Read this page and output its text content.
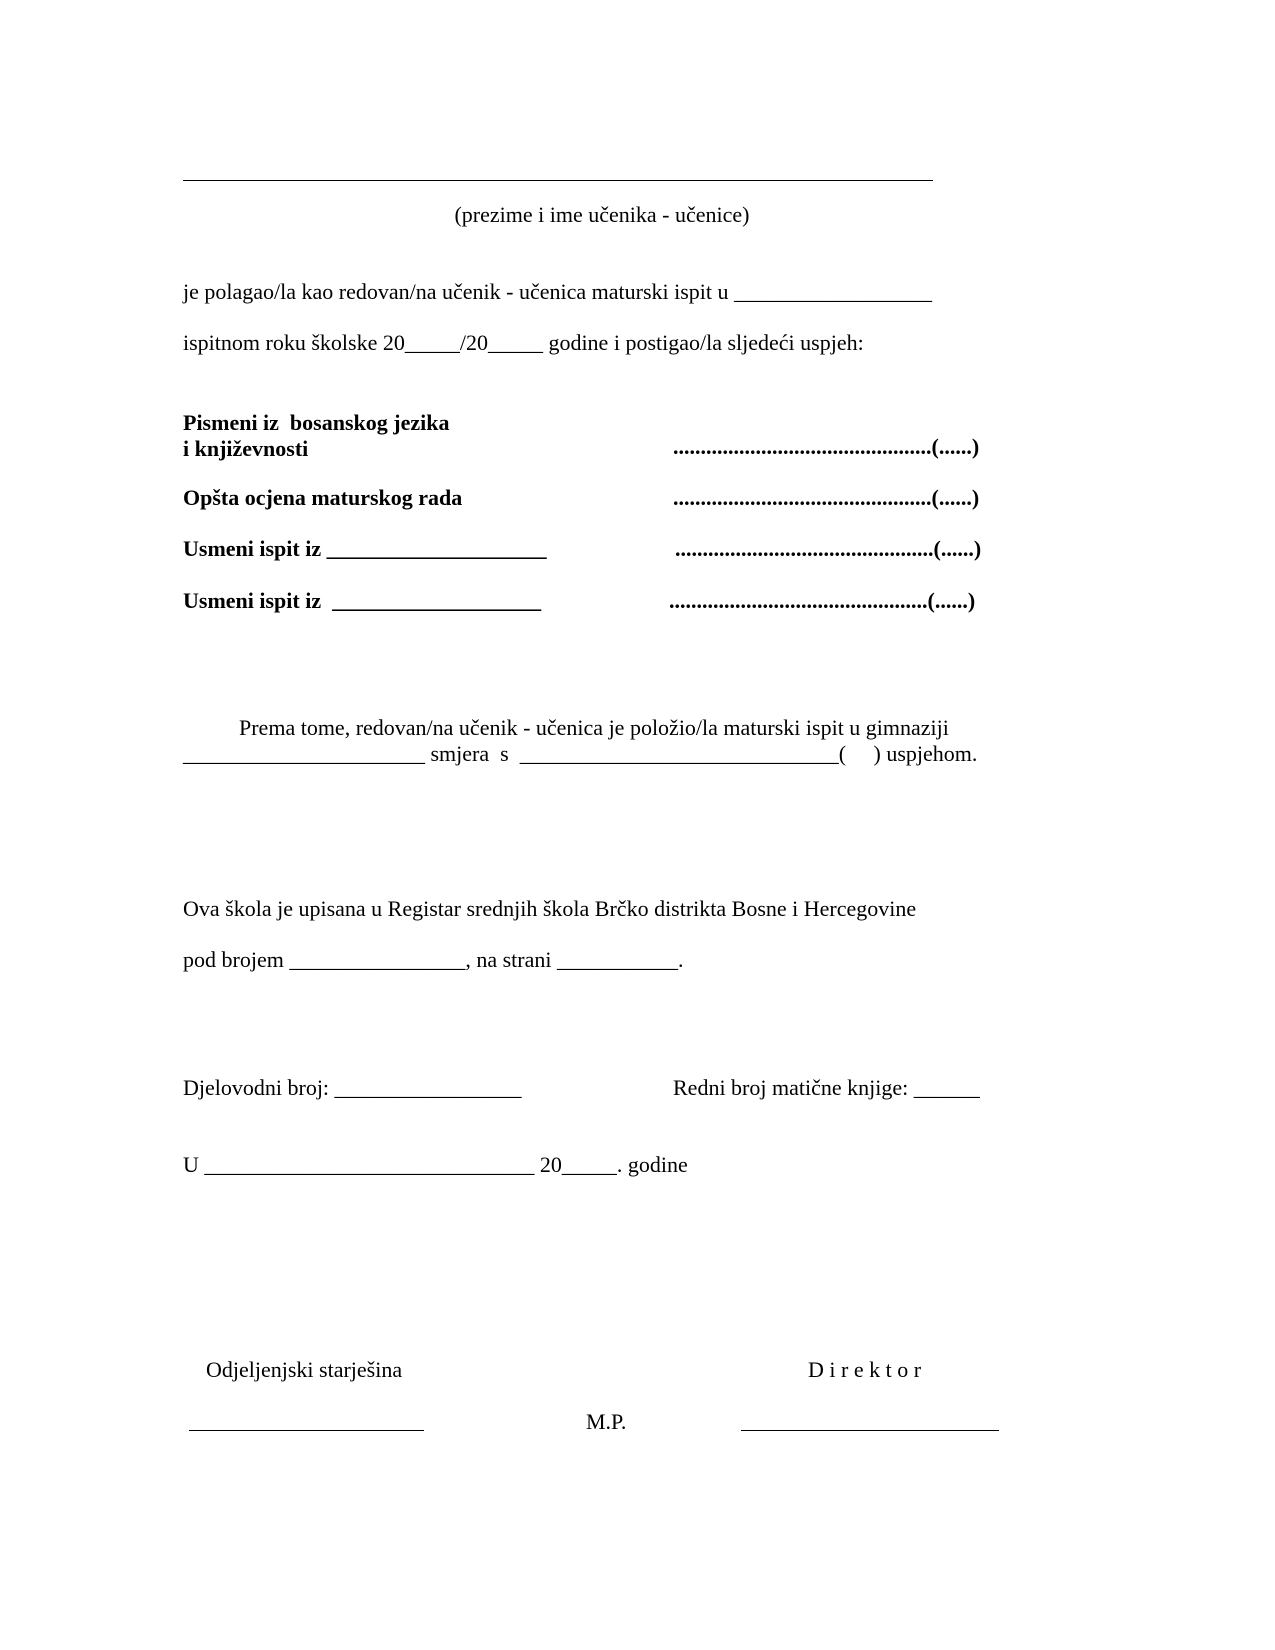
(prezime i ime učenika - učenice)
je polagao/la kao redovan/na učenik - učenica maturski ispit u __________________
ispitnom roku školske 20_____/20_____ godine i postigao/la sljedeći uspjeh:
Pismeni iz  bosanskog jezika
i književnosti	...............................................(......)
Opšta ocjena maturskog rada	...............................................(......)
Usmeni ispit iz ____________________	...............................................(......)
Usmeni ispit iz  ___________________	...............................................(......)
Prema tome, redovan/na učenik - učenica je položio/la maturski ispit u gimnaziji
______________________ smjera  s  _____________________________(     ) uspjehom.
Ova škola je upisana u Registar srednjih škola Brčko distrikta Bosne i Hercegovine
pod brojem ________________, na strani ___________.
Djelovodni broj: _________________	Redni broj matične knjige: ______
U ______________________________ 20_____. godine
Odjeljenjski starješina	D i r e k t o r
M.P.
